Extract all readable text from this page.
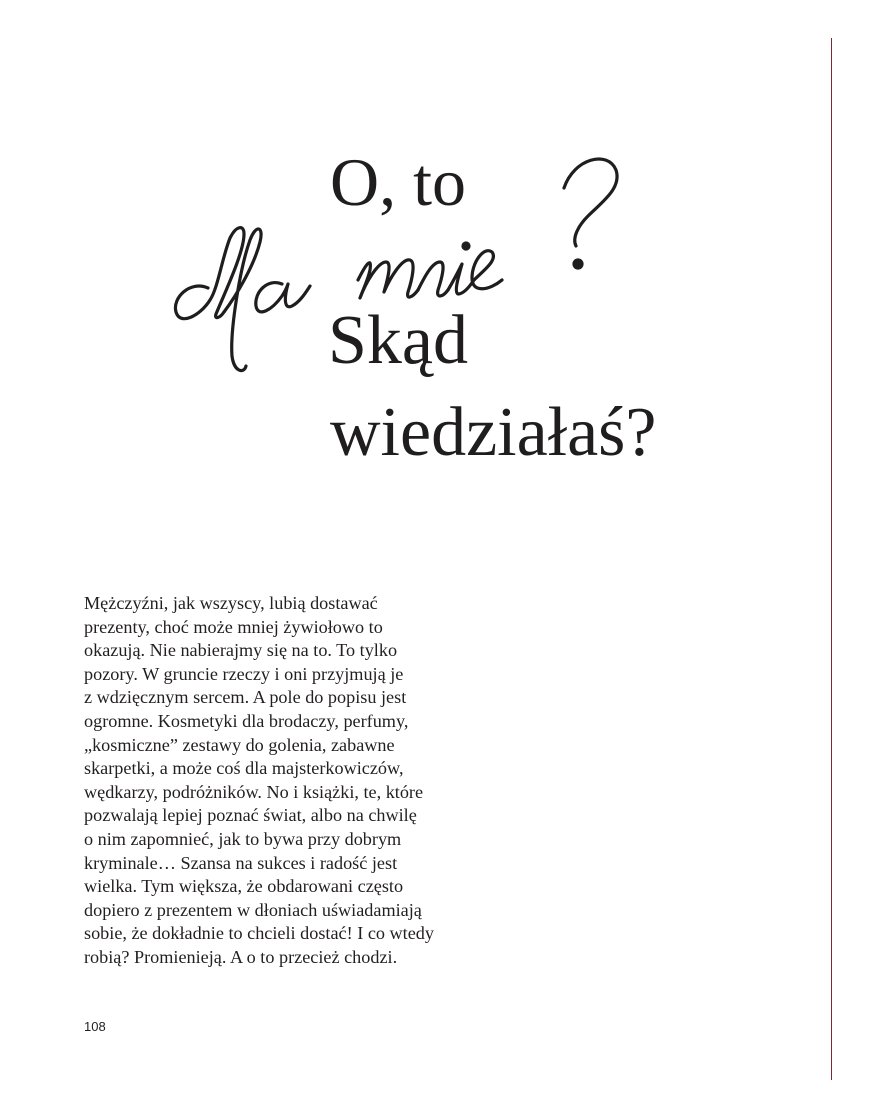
O, to
Skąd
wiedziałaś?

Mężczyźni, jak wszyscy, lubią dostawać
prezenty, choć może mniej żywiołowo to
okazują. Nie nabierajmy się na to. To tylko
pozory. W gruncie rzeczy i oni przyjmują je
z wdzięcznym sercem. A pole do popisu jest
ogromne. Kosmetyki dla brodaczy, perfumy,
„kosmiczne” zestawy do golenia, zabawne
skarpetki, a może coś dla majsterkowiczów,
wędkarzy, podróżników. No i książki, te, które
pozwalają lepiej poznać świat, albo na chwilę
o nim zapomnieć, jak to bywa przy dobrym
kryminale… Szansa na sukces i radość jest
wielka. Tym większa, że obdarowani często
dopiero z prezentem w dłoniach uświadamiają
sobie, że dokładnie to chcieli dostać! I co wtedy
robią? Promienieją. A o to przecież chodzi.

108
